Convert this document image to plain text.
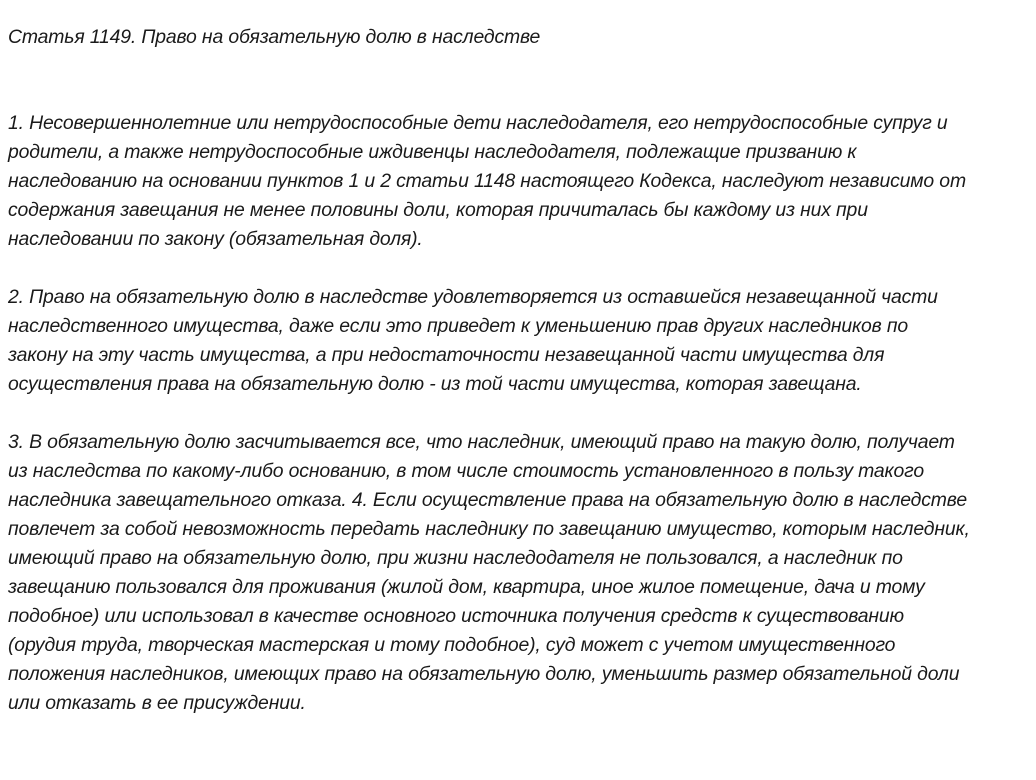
Статья 1149. Право на обязательную долю в наследстве

1. Несовершеннолетние или нетрудоспособные дети наследодателя, его нетрудоспособные супруг и
родители, а также нетрудоспособные иждивенцы наследодателя, подлежащие призванию к
наследованию на основании пунктов 1 и 2 статьи 1148 настоящего Кодекса, наследуют независимо от
содержания завещания не менее половины доли, которая причиталась бы каждому из них при
наследовании по закону (обязательная доля).

2. Право на обязательную долю в наследстве удовлетворяется из оставшейся незавещанной части
наследственного имущества, даже если это приведет к уменьшению прав других наследников по
закону на эту часть имущества, а при недостаточности незавещанной части имущества для
осуществления права на обязательную долю - из той части имущества, которая завещана.

3. В обязательную долю засчитывается все, что наследник, имеющий право на такую долю, получает
из наследства по какому-либо основанию, в том числе стоимость установленного в пользу такого
наследника завещательного отказа. 4. Если осуществление права на обязательную долю в наследстве
повлечет за собой невозможность передать наследнику по завещанию имущество, которым наследник,
имеющий право на обязательную долю, при жизни наследодателя не пользовался, а наследник по
завещанию пользовался для проживания (жилой дом, квартира, иное жилое помещение, дача и тому
подобное) или использовал в качестве основного источника получения средств к существованию
(орудия труда, творческая мастерская и тому подобное), суд может с учетом имущественного
положения наследников, имеющих право на обязательную долю, уменьшить размер обязательной доли
или отказать в ее присуждении.
